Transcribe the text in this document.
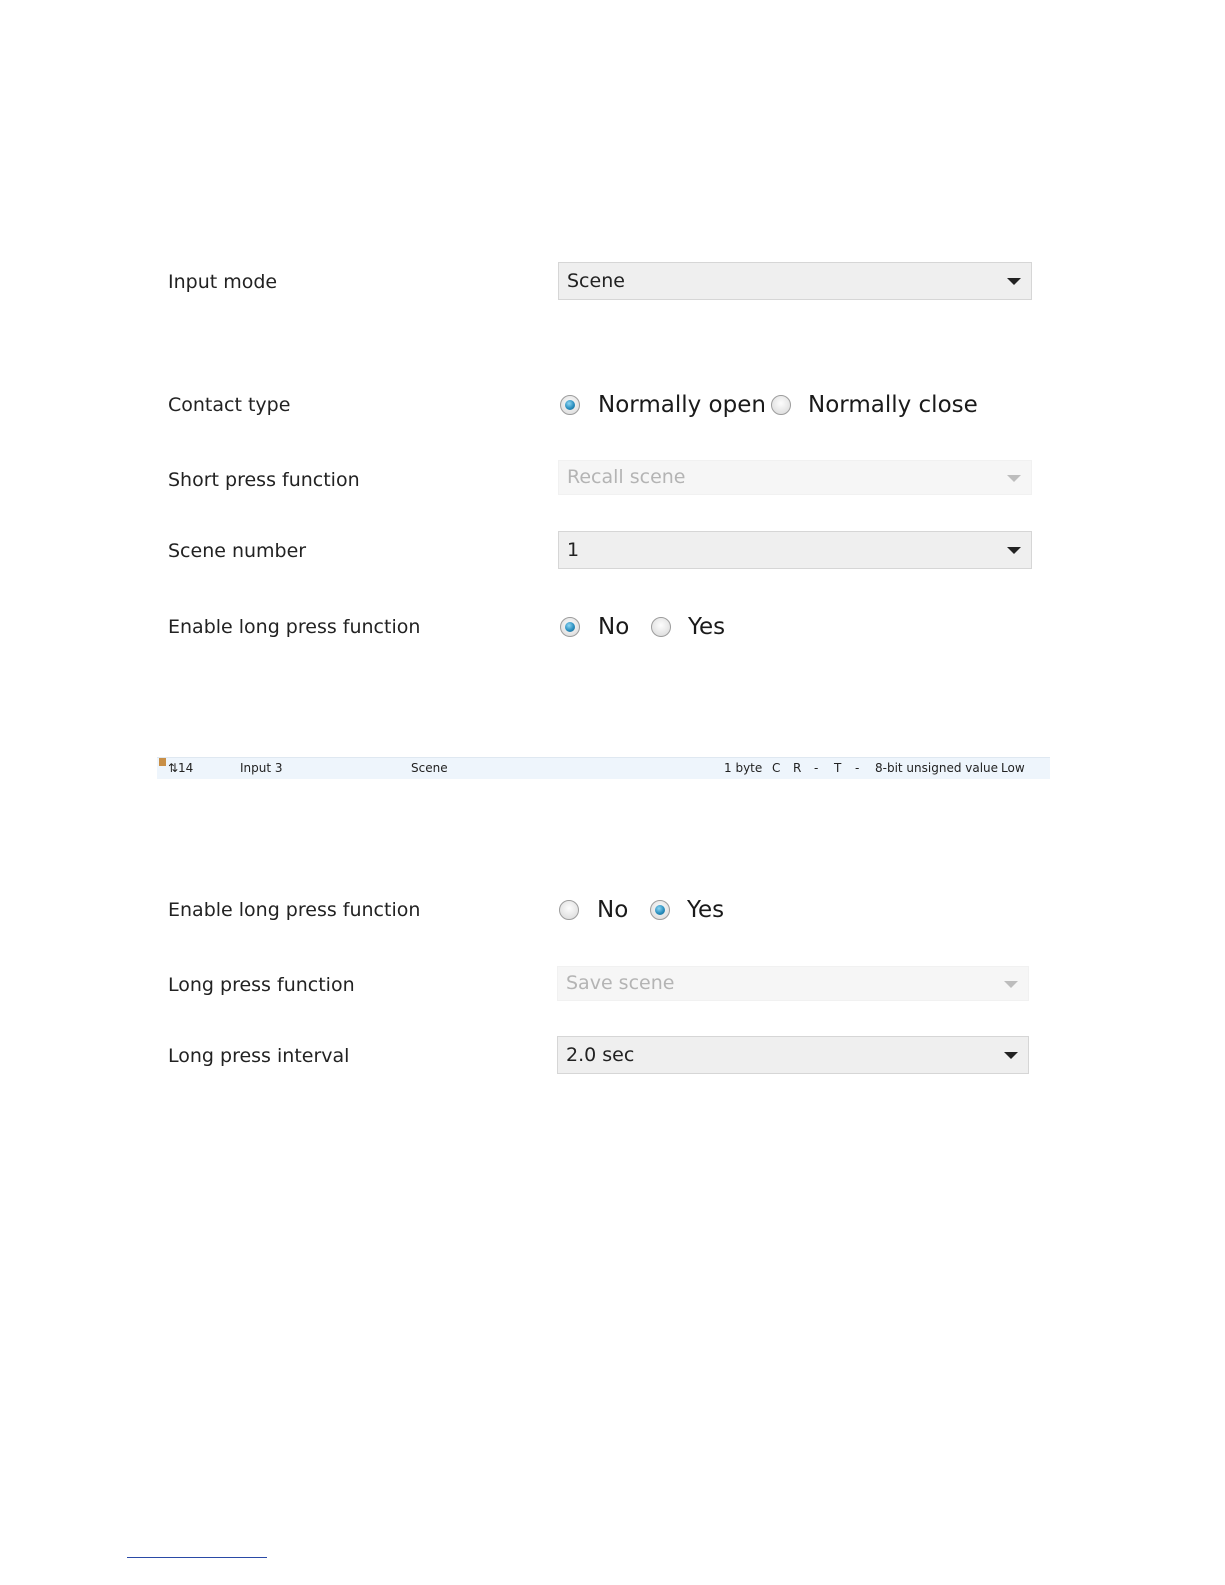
Input mode	Scene
Contact type	Normally open Normally close
Short press function	Recall scene
Scene number	1
Enable long press function	No	Yes
⇅ 14	Input 3	Scene	1 byte C R - T - 8-bit unsigned value Low
Enable long press function	No	Yes
Long press function	Save scene
Long press interval	2.0 sec
